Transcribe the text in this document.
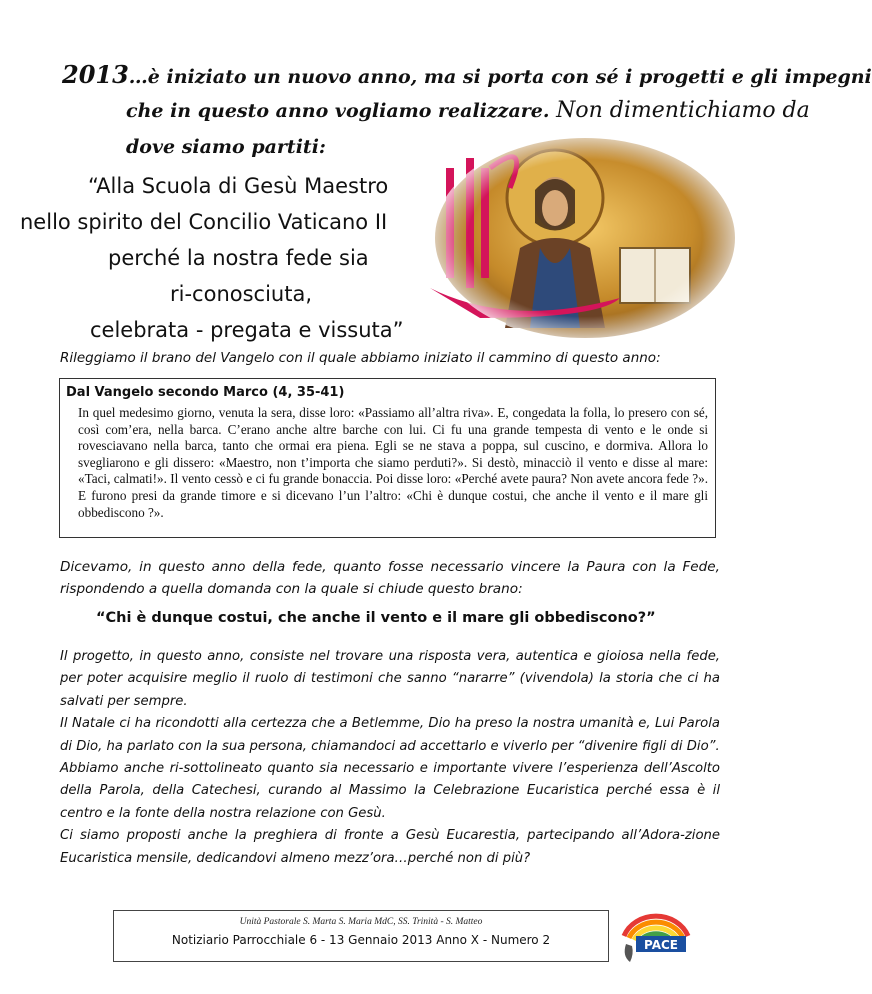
2013…è iniziato un nuovo anno, ma si porta con sé i progetti e gli impegni
che in questo anno vogliamo realizzare. Non dimentichiamo da
dove siamo partiti:
“Alla Scuola di Gesù Maestro
nello spirito del Concilio Vaticano II
perché la nostra fede sia
ri-conosciuta,
celebrata - pregata e vissuta”
Rileggiamo il brano del Vangelo con il quale abbiamo iniziato il cammino di questo anno:
Dal Vangelo secondo Marco (4, 35-41)
In quel medesimo giorno, venuta la sera, disse loro: «Passiamo all’altra riva». E, congedata la folla, lo presero con sé, così com’era, nella barca. C’erano anche altre barche con lui. Ci fu una grande tempesta di vento e le onde si rovesciavano nella barca, tanto che ormai era piena. Egli se ne stava a poppa, sul cuscino, e dormiva. Allora lo svegliarono e gli dissero: «Maestro, non t’importa che siamo perduti?». Si destò, minacciò il vento e disse al mare: «Taci, calmati!». Il vento cessò e ci fu grande bonaccia. Poi disse loro: «Perché avete paura? Non avete ancora fede ?». E furono presi da grande timore e si dicevano l’un l’altro: «Chi è dunque costui, che anche il vento e il mare gli obbediscono ?».
Dicevamo, in questo anno della fede, quanto fosse necessario vincere la Paura con la Fede, rispondendo a quella domanda con la quale si chiude questo brano:
“Chi è dunque costui, che anche il vento e il mare gli obbediscono?”

Il progetto, in questo anno, consiste nel trovare una risposta vera, autentica e gioiosa nella fede, per poter acquisire meglio il ruolo di testimoni che sanno “nararre” (vivendola) la storia che ci ha salvati per sempre.

Il Natale ci ha ricondotti alla certezza che a Betlemme, Dio ha preso la nostra umanità e, Lui Parola di Dio, ha parlato con la sua persona, chiamandoci ad accettarlo e viverlo per “divenire figli di Dio”.

Abbiamo anche ri-sottolineato quanto sia necessario e importante vivere l’esperienza dell’Ascolto della Parola, della Catechesi, curando al Massimo la Celebrazione Eucaristica perché essa è il centro e la fonte della nostra relazione con Gesù.

Ci siamo proposti anche la preghiera di fronte a Gesù Eucarestia, partecipando all’Adora-zione Eucaristica mensile, dedicandovi almeno mezz’ora…perché non di più?

Unità Pastorale S. Marta S. Maria MdC, SS. Trinità - S. Matteo
Notiziario Parrocchiale 6 - 13 Gennaio 2013 Anno X - Numero 2	PACE
